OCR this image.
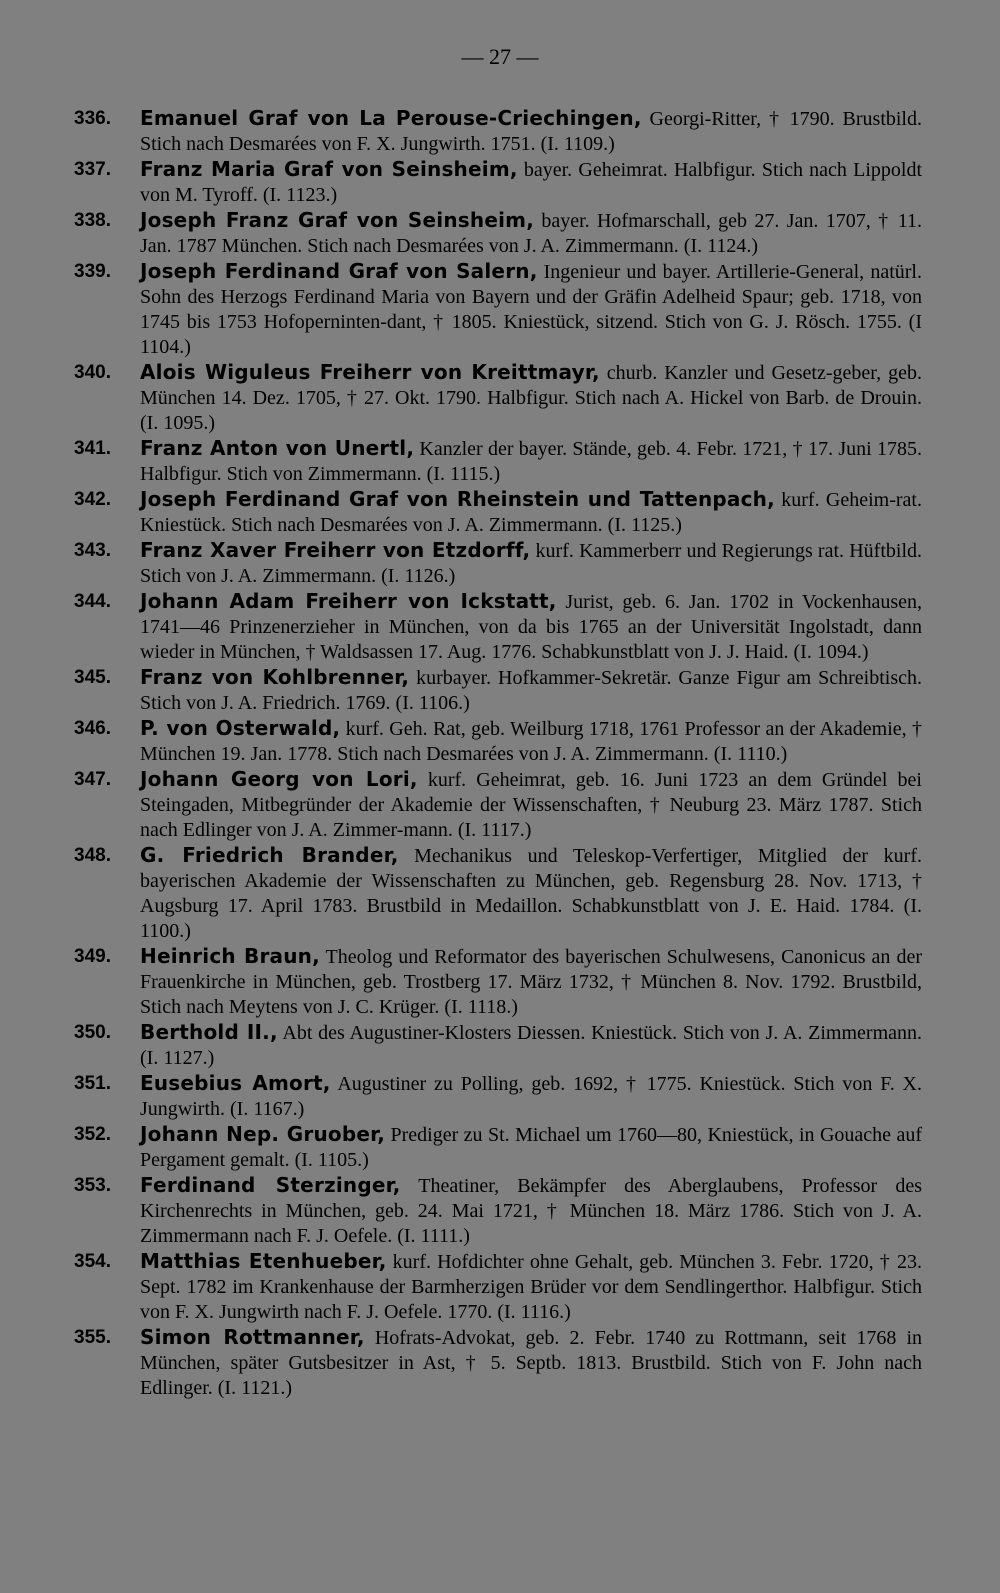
— 27 —
336. Emanuel Graf von La Perouse-Criechingen, Georgi-Ritter, † 1790. Brustbild. Stich nach Desmarées von F. X. Jungwirth. 1751. (I. 1109.)
337. Franz Maria Graf von Seinsheim, bayer. Geheimrat. Halbfigur. Stich nach Lippoldt von M. Tyroff. (I. 1123.)
338. Joseph Franz Graf von Seinsheim, bayer. Hofmarschall, geb 27. Jan. 1707, † 11. Jan. 1787 München. Stich nach Desmarées von J. A. Zimmermann. (I. 1124.)
339. Joseph Ferdinand Graf von Salern, Ingenieur und bayer. Artillerie-General, natürl. Sohn des Herzogs Ferdinand Maria von Bayern und der Gräfin Adelheid Spaur; geb. 1718, von 1745 bis 1753 Hofoperninten-dant, † 1805. Kniestück, sitzend. Stich von G. J. Rösch. 1755. (I 1104.)
340. Alois Wiguleus Freiherr von Kreittmayr, churb. Kanzler und Gesetz-geber, geb. München 14. Dez. 1705, † 27. Okt. 1790. Halbfigur. Stich nach A. Hickel von Barb. de Drouin. (I. 1095.)
341. Franz Anton von Unertl, Kanzler der bayer. Stände, geb. 4. Febr. 1721, † 17. Juni 1785. Halbfigur. Stich von Zimmermann. (I. 1115.)
342. Joseph Ferdinand Graf von Rheinstein und Tattenpach, kurf. Geheim-rat. Kniestück. Stich nach Desmarées von J. A. Zimmermann. (I. 1125.)
343. Franz Xaver Freiherr von Etzdorff, kurf. Kammerberr und Regierungs rat. Hüftbild. Stich von J. A. Zimmermann. (I. 1126.)
344. Johann Adam Freiherr von Ickstatt, Jurist, geb. 6. Jan. 1702 in Vockenhausen, 1741—46 Prinzenerzieher in München, von da bis 1765 an der Universität Ingolstadt, dann wieder in München, † Waldsassen 17. Aug. 1776. Schabkunstblatt von J. J. Haid. (I. 1094.)
345. Franz von Kohlbrenner, kurbayer. Hofkammer-Sekretär. Ganze Figur am Schreibtisch. Stich von J. A. Friedrich. 1769. (I. 1106.)
346. P. von Osterwald, kurf. Geh. Rat, geb. Weilburg 1718, 1761 Professor an der Akademie, † München 19. Jan. 1778. Stich nach Desmarées von J. A. Zimmermann. (I. 1110.)
347. Johann Georg von Lori, kurf. Geheimrat, geb. 16. Juni 1723 an dem Gründel bei Steingaden, Mitbegründer der Akademie der Wissenschaften, † Neuburg 23. März 1787. Stich nach Edlinger von J. A. Zimmer-mann. (I. 1117.)
348. G. Friedrich Brander, Mechanikus und Teleskop-Verfertiger, Mitglied der kurf. bayerischen Akademie der Wissenschaften zu München, geb. Regensburg 28. Nov. 1713, † Augsburg 17. April 1783. Brustbild in Medaillon. Schabkunstblatt von J. E. Haid. 1784. (I. 1100.)
349. Heinrich Braun, Theolog und Reformator des bayerischen Schulwesens, Canonicus an der Frauenkirche in München, geb. Trostberg 17. März 1732, † München 8. Nov. 1792. Brustbild, Stich nach Meytens von J. C. Krüger. (I. 1118.)
350. Berthold II., Abt des Augustiner-Klosters Diessen. Kniestück. Stich von J. A. Zimmermann. (I. 1127.)
351. Eusebius Amort, Augustiner zu Polling, geb. 1692, † 1775. Kniestück. Stich von F. X. Jungwirth. (I. 1167.)
352. Johann Nep. Gruober, Prediger zu St. Michael um 1760—80, Kniestück, in Gouache auf Pergament gemalt. (I. 1105.)
353. Ferdinand Sterzinger, Theatiner, Bekämpfer des Aberglaubens, Professor des Kirchenrechts in München, geb. 24. Mai 1721, † München 18. März 1786. Stich von J. A. Zimmermann nach F. J. Oefele. (I. 1111.)
354. Matthias Etenhueber, kurf. Hofdichter ohne Gehalt, geb. München 3. Febr. 1720, † 23. Sept. 1782 im Krankenhause der Barmherzigen Brüder vor dem Sendlingerthor. Halbfigur. Stich von F. X. Jungwirth nach F. J. Oefele. 1770. (I. 1116.)
355. Simon Rottmanner, Hofrats-Advokat, geb. 2. Febr. 1740 zu Rottmann, seit 1768 in München, später Gutsbesitzer in Ast, † 5. Septb. 1813. Brustbild. Stich von F. John nach Edlinger. (I. 1121.)
